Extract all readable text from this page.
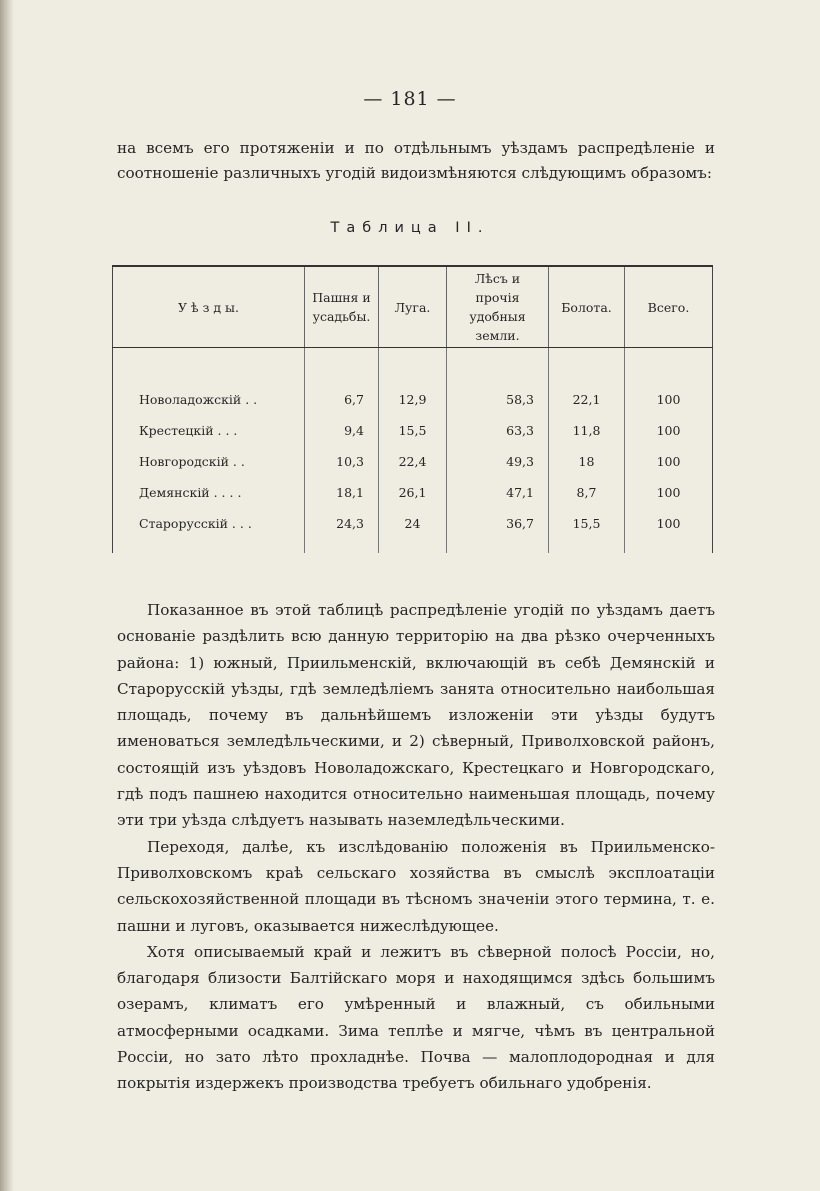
— 181 —

на всемъ его протяженіи и по отдѣльнымъ уѣздамъ распредѣленіе и соотношеніе различныхъ угодій видоизмѣняются слѣдующимъ образомъ:

Таблица II.
У ѣ з д ы.	Пашня и усадьбы.	Луга.	Лѣсъ и прочія удобныя земли.	Болота.	Всего.

Новоладожскій . .	6,7	12,9	58,3	22,1	100
Крестецкій . . .	9,4	15,5	63,3	11,8	100
Новгородскій . .	10,3	22,4	49,3	18	100
Демянскій . . . .	18,1	26,1	47,1	8,7	100
Старорусскій . . .	24,3	24	36,7	15,5	100

Показанное въ этой таблицѣ распредѣленіе угодій по уѣздамъ даетъ основаніе раздѣлить всю данную территорію на два рѣзко очерченныхъ района: 1) южный, Приильменскій, включающій въ себѣ Демянскій и Старорусскій уѣзды, гдѣ земледѣліемъ занята относительно наибольшая площадь, почему въ дальнѣйшемъ изложеніи эти уѣзды будутъ именоваться земледѣльческими, и 2) сѣверный, Приволховской районъ, состоящій изъ уѣздовъ Новоладожскаго, Крестецкаго и Новгородскаго, гдѣ подъ пашнею находится относительно наименьшая площадь, почему эти три уѣзда слѣдуетъ называть наземледѣльческими.

Переходя, далѣе, къ изслѣдованію положенія въ Приильменско-Приволховскомъ краѣ сельскаго хозяйства въ смыслѣ эксплоатаціи сельскохозяйственной площади въ тѣсномъ значеніи этого термина, т. е. пашни и луговъ, оказывается нижеслѣдующее.

Хотя описываемый край и лежитъ въ сѣверной полосѣ Россіи, но, благодаря близости Балтійскаго моря и находящимся здѣсь большимъ озерамъ, климатъ его умѣренный и влажный, съ обильными атмосферными осадками. Зима теплѣе и мягче, чѣмъ въ центральной Россіи, но зато лѣто прохладнѣе. Почва — малоплодородная и для покрытія издержекъ производства требуетъ обильнаго удобренія.
